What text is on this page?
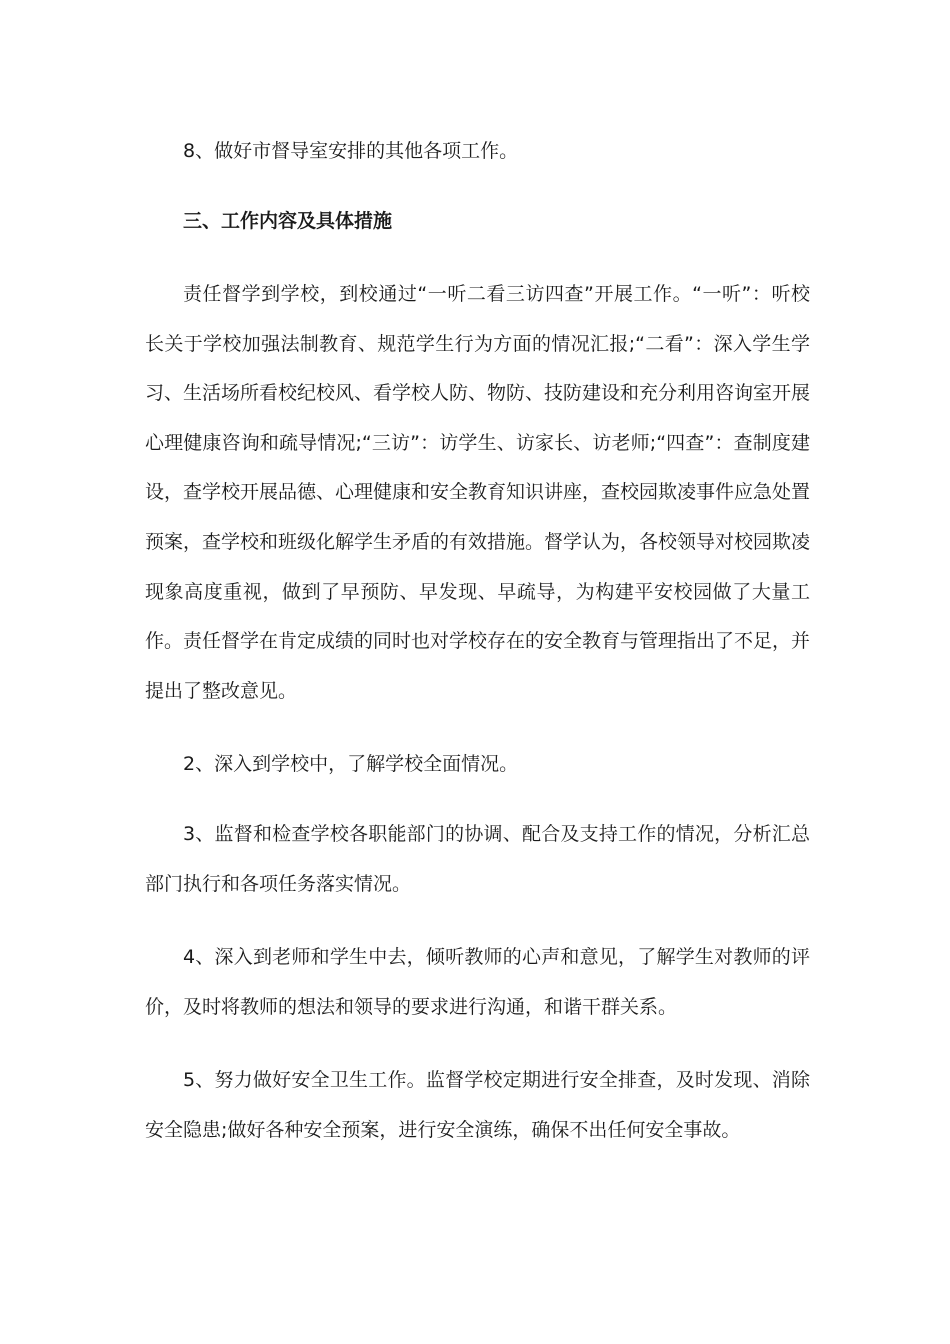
8、做好市督导室安排的其他各项工作。

三、工作内容及具体措施

责任督学到学校，到校通过“一听二看三访四查”开展工作。“一听”：听校长关于学校加强法制教育、规范学生行为方面的情况汇报;“二看”：深入学生学习、生活场所看校纪校风、看学校人防、物防、技防建设和充分利用咨询室开展心理健康咨询和疏导情况;“三访”：访学生、访家长、访老师;“四查”：查制度建设，查学校开展品德、心理健康和安全教育知识讲座，查校园欺凌事件应急处置预案，查学校和班级化解学生矛盾的有效措施。督学认为，各校领导对校园欺凌现象高度重视，做到了早预防、早发现、早疏导，为构建平安校园做了大量工作。责任督学在肯定成绩的同时也对学校存在的安全教育与管理指出了不足，并提出了整改意见。

2、深入到学校中，了解学校全面情况。

3、监督和检查学校各职能部门的协调、配合及支持工作的情况，分析汇总部门执行和各项任务落实情况。

4、深入到老师和学生中去，倾听教师的心声和意见，了解学生对教师的评价，及时将教师的想法和领导的要求进行沟通，和谐干群关系。

5、努力做好安全卫生工作。监督学校定期进行安全排查，及时发现、消除安全隐患;做好各种安全预案，进行安全演练，确保不出任何安全事故。
